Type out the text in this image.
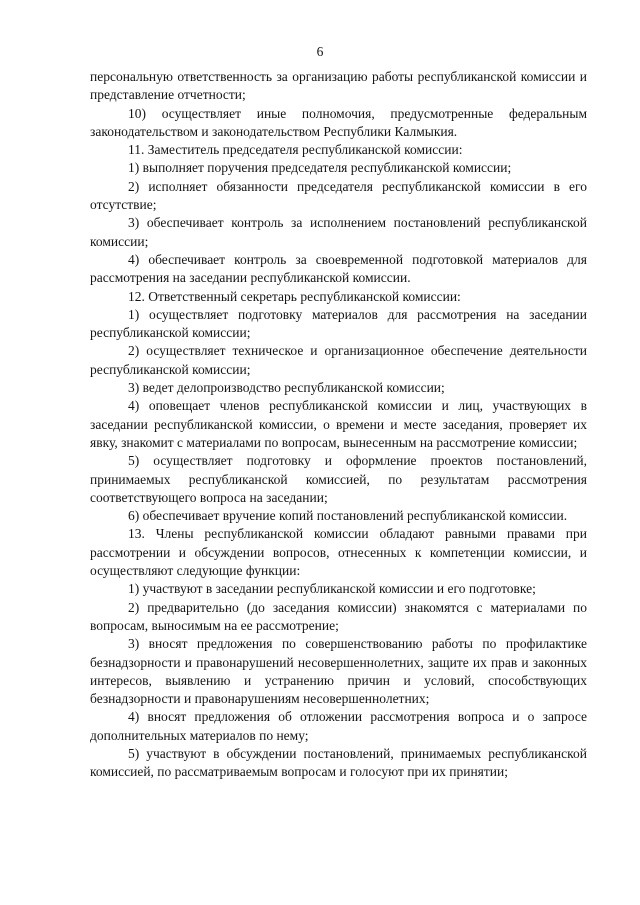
6

персональную ответственность за организацию работы республиканской комиссии и представление отчетности;

10) осуществляет иные полномочия, предусмотренные федеральным законодательством и законодательством Республики Калмыкия.

11. Заместитель председателя республиканской комиссии:

1) выполняет поручения председателя республиканской комиссии;

2) исполняет обязанности председателя республиканской комиссии в его отсутствие;

3) обеспечивает контроль за исполнением постановлений республиканской комиссии;

4) обеспечивает контроль за своевременной подготовкой материалов для рассмотрения на заседании республиканской комиссии.

12. Ответственный секретарь республиканской комиссии:

1) осуществляет подготовку материалов для рассмотрения на заседании республиканской комиссии;

2) осуществляет техническое и организационное обеспечение деятельности республиканской комиссии;

3) ведет делопроизводство республиканской комиссии;

4) оповещает членов республиканской комиссии и лиц, участвующих в заседании республиканской комиссии, о времени и месте заседания, проверяет их явку, знакомит с материалами по вопросам, вынесенным на рассмотрение комиссии;

5) осуществляет подготовку и оформление проектов постановлений, принимаемых республиканской комиссией, по результатам рассмотрения соответствующего вопроса на заседании;

6) обеспечивает вручение копий постановлений республиканской комиссии.

13. Члены республиканской комиссии обладают равными правами при рассмотрении и обсуждении вопросов, отнесенных к компетенции комиссии, и осуществляют следующие функции:

1) участвуют в заседании республиканской комиссии и его подготовке;

2) предварительно (до заседания комиссии) знакомятся с материалами по вопросам, выносимым на ее рассмотрение;

3) вносят предложения по совершенствованию работы по профилактике безнадзорности и правонарушений несовершеннолетних, защите их прав и законных интересов, выявлению и устранению причин и условий, способствующих безнадзорности и правонарушениям несовершеннолетних;

4) вносят предложения об отложении рассмотрения вопроса и о запросе дополнительных материалов по нему;

5) участвуют в обсуждении постановлений, принимаемых республиканской комиссией, по рассматриваемым вопросам и голосуют при их принятии;
